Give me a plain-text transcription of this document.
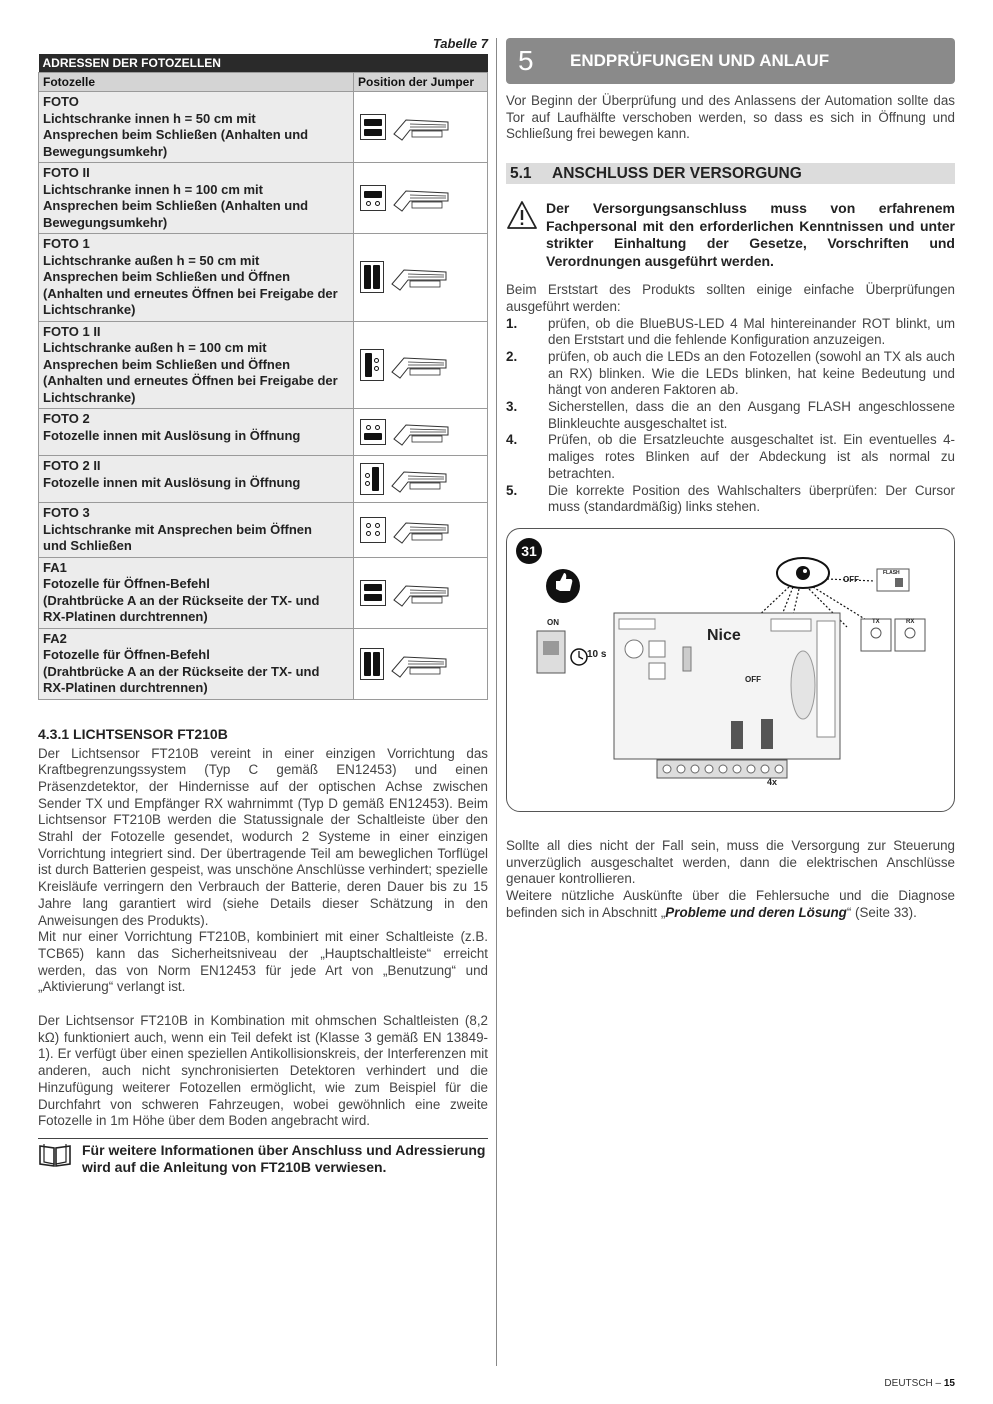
Tabelle 7
ADRESSEN DER FOTOZELLEN	
Fotozelle	Position der Jumper

FOTO
Lichtschranke innen h = 50 cm mit
Ansprechen beim Schließen (Anhalten und
Bewegungsumkehr)

FOTO II
Lichtschranke innen h = 100 cm mit
Ansprechen beim Schließen (Anhalten und
Bewegungsumkehr)

FOTO 1
Lichtschranke außen h = 50 cm mit
Ansprechen beim Schließen und Öffnen
(Anhalten und erneutes Öffnen bei Freigabe der
Lichtschranke)

FOTO 1 II
Lichtschranke außen h = 100 cm mit
Ansprechen beim Schließen und Öffnen
(Anhalten und erneutes Öffnen bei Freigabe der
Lichtschranke)

FOTO 2
Fotozelle innen mit Auslösung in Öffnung

FOTO 2 II
Fotozelle innen mit Auslösung in Öffnung

FOTO 3
Lichtschranke mit Ansprechen beim Öffnen
und Schließen

FA1
Fotozelle für Öffnen-Befehl
(Drahtbrücke A an der Rückseite der TX- und
RX-Platinen durchtrennen)

FA2
Fotozelle für Öffnen-Befehl
(Drahtbrücke A an der Rückseite der TX- und
RX-Platinen durchtrennen)

4.3.1 LICHTSENSOR FT210B

Der Lichtsensor FT210B vereint in einer einzigen Vorrichtung das Kraftbegrenzungssystem (Typ C gemäß EN12453) und einen Präsenzdetektor, der Hindernisse auf der optischen Achse zwischen Sender TX und Empfänger RX wahrnimmt (Typ D gemäß EN12453). Beim Lichtsensor FT210B werden die Statussignale der Schaltleiste über den Strahl der Fotozelle gesendet, wodurch 2 Systeme in einer einzigen Vorrichtung integriert sind. Der übertragende Teil am beweglichen Torflügel ist durch Batterien gespeist, was unschöne Anschlüsse verhindert; spezielle Kreisläufe verringern den Verbrauch der Batterie, deren Dauer bis zu 15 Jahre lang garantiert wird (siehe Details dieser Schätzung in den Anweisungen des Produkts).

Mit nur einer Vorrichtung FT210B, kombiniert mit einer Schaltleiste (z.B. TCB65) kann das Sicherheitsniveau der „Hauptschaltleiste“ erreicht werden, das von Norm EN12453 für jede Art von „Benutzung“ und „Aktivierung“ verlangt ist.

Der Lichtsensor FT210B in Kombination mit ohmschen Schaltleisten (8,2 kΩ) funktioniert auch, wenn ein Teil defekt ist (Klasse 3 gemäß EN 13849-1). Er verfügt über einen speziellen Antikollisionskreis, der Interferenzen mit anderen, auch nicht synchronisierten Detektoren verhindert und die Hinzufügung weiterer Fotozellen ermöglicht, wie zum Beispiel für die Durchfahrt von schweren Fahrzeugen, wobei gewöhnlich eine zweite Fotozelle in 1m Höhe über dem Boden angebracht wird.

Für weitere Informationen über Anschluss und Adressierung wird auf die Anleitung von FT210B verwiesen.
5	ENDPRÜFUNGEN UND ANLAUF

Vor Beginn der Überprüfung und des Anlassens der Automation sollte das Tor auf Laufhälfte verschoben werden, so dass es sich in Öffnung und Schließung frei bewegen kann.

5.1	ANSCHLUSS DER VERSORGUNG
Der Versorgungsanschluss muss von erfahrenem Fachpersonal mit den erforderlichen Kenntnissen und unter strikter Einhaltung der Gesetze, Vorschriften und Verordnungen ausgeführt werden.

Beim Erststart des Produkts sollten einige einfache Überprüfungen ausgeführt werden:

1.	prüfen, ob die BlueBUS-LED 4 Mal hintereinander ROT blinkt, um den Erststart und die fehlende Konfiguration anzuzeigen.
2.	prüfen, ob auch die LEDs an den Fotozellen (sowohl an TX als auch an RX) blinken. Wie die LEDs blinken, hat keine Bedeutung und hängt von anderen Faktoren ab.
3.	Sicherstellen, dass die an den Ausgang FLASH angeschlossene Blinkleuchte ausgeschaltet ist.
4.	Prüfen, ob die Ersatzleuchte ausgeschaltet ist. Ein eventuelles 4-maliges rotes Blinken auf der Abdeckung ist als normal zu betrachten.
5.	Die korrekte Position des Wahlschalters überprüfen: Der Cursor muss (standardmäßig) links stehen.
31
ON
10 s
Nice
OFF
OFF
FLASH
TX	RX
4x

Sollte all dies nicht der Fall sein, muss die Versorgung zur Steuerung unverzüglich ausgeschaltet werden, dann die elektrischen Anschlüsse genauer kontrollieren.

Weitere nützliche Auskünfte über die Fehlersuche und die Diagnose befinden sich in Abschnitt „Probleme und deren Lösung“ (Seite 33).

DEUTSCH – 15
